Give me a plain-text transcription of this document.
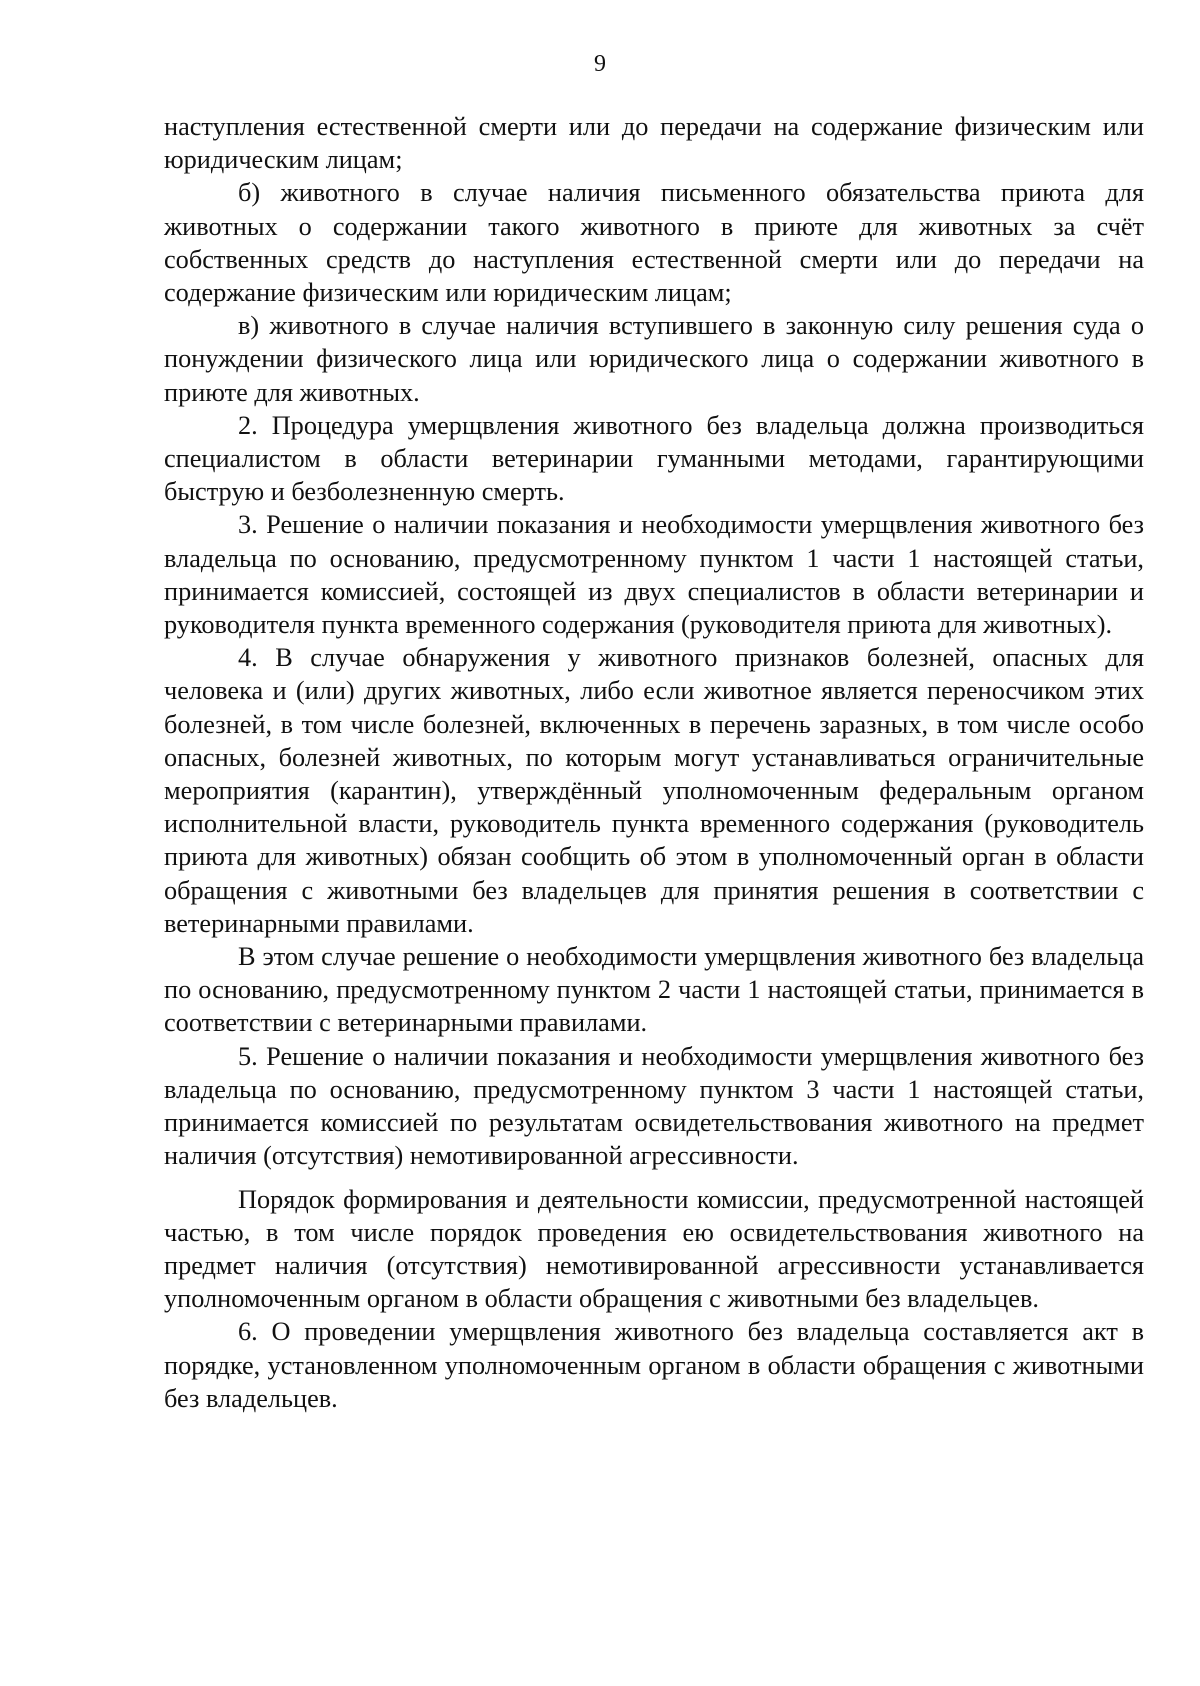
9

наступления естественной смерти или до передачи на содержание физическим или юридическим лицам;

б) животного в случае наличия письменного обязательства приюта для животных о содержании такого животного в приюте для животных за счёт собственных средств до наступления естественной смерти или до передачи на содержание физическим или юридическим лицам;

в) животного в случае наличия вступившего в законную силу решения суда о понуждении физического лица или юридического лица о содержании животного в приюте для животных.

2. Процедура умерщвления животного без владельца должна производиться специалистом в области ветеринарии гуманными методами, гарантирующими быструю и безболезненную смерть.

3. Решение о наличии показания и необходимости умерщвления животного без владельца по основанию, предусмотренному пунктом 1 части 1 настоящей статьи, принимается комиссией, состоящей из двух специалистов в области ветеринарии и руководителя пункта временного содержания (руководителя приюта для животных).

4. В случае обнаружения у животного признаков болезней, опасных для человека и (или) других животных, либо если животное является переносчиком этих болезней, в том числе болезней, включенных в перечень заразных, в том числе особо опасных, болезней животных, по которым могут устанавливаться ограничительные мероприятия (карантин), утверждённый уполномоченным федеральным органом исполнительной власти, руководитель пункта временного содержания (руководитель приюта для животных) обязан сообщить об этом в уполномоченный орган в области обращения с животными без владельцев для принятия решения в соответствии с ветеринарными правилами.

В этом случае решение о необходимости умерщвления животного без владельца по основанию, предусмотренному пунктом 2 части 1 настоящей статьи, принимается в соответствии с ветеринарными правилами.

5. Решение о наличии показания и необходимости умерщвления животного без владельца по основанию, предусмотренному пунктом 3 части 1 настоящей статьи, принимается комиссией по результатам освидетельствования животного на предмет наличия (отсутствия) немотивированной агрессивности.

Порядок формирования и деятельности комиссии, предусмотренной настоящей частью, в том числе порядок проведения ею освидетельствования животного на предмет наличия (отсутствия) немотивированной агрессивности устанавливается уполномоченным органом в области обращения с животными без владельцев.

6. О проведении умерщвления животного без владельца составляется акт в порядке, установленном уполномоченным органом в области обращения с животными без владельцев.
